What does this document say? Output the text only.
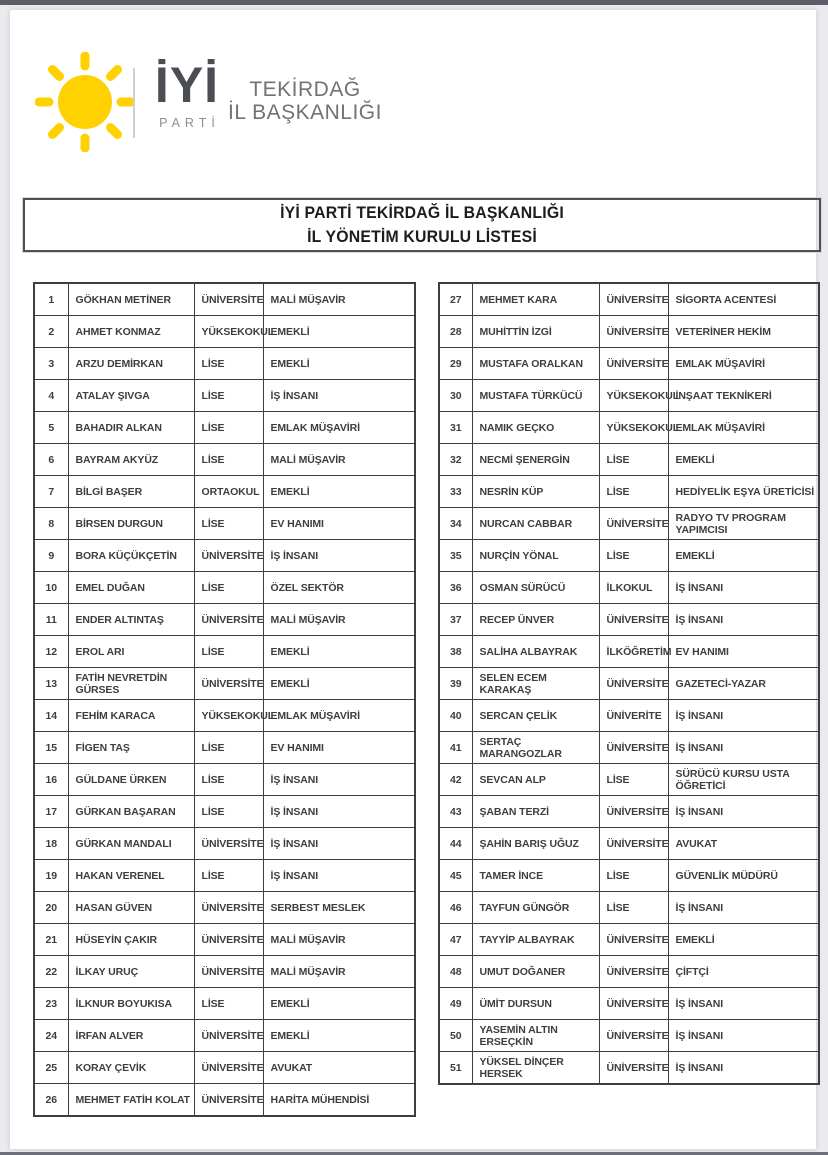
İYİ
PARTİ
TEKİRDAĞ
İL BAŞKANLIĞI
İYİ PARTİ TEKİRDAĞ İL BAŞKANLIĞI
İL YÖNETİM KURULU LİSTESİ
1	GÖKHAN METİNER	ÜNİVERSİTE	MALİ MÜŞAVİR
2	AHMET KONMAZ	YÜKSEKOKUL	EMEKLİ
3	ARZU DEMİRKAN	LİSE	EMEKLİ
4	ATALAY ŞIVGA	LİSE	İŞ İNSANI
5	BAHADIR ALKAN	LİSE	EMLAK MÜŞAVİRİ
6	BAYRAM AKYÜZ	LİSE	MALİ MÜŞAVİR
7	BİLGİ BAŞER	ORTAOKUL	EMEKLİ
8	BİRSEN DURGUN	LİSE	EV HANIMI
9	BORA KÜÇÜKÇETİN	ÜNİVERSİTE	İŞ İNSANI
10	EMEL DUĞAN	LİSE	ÖZEL SEKTÖR
11	ENDER ALTINTAŞ	ÜNİVERSİTE	MALİ MÜŞAVİR
12	EROL ARI	LİSE	EMEKLİ
13	FATİH NEVRETDİN GÜRSES	ÜNİVERSİTE	EMEKLİ
14	FEHİM KARACA	YÜKSEKOKUL	EMLAK MÜŞAVİRİ
15	FİGEN TAŞ	LİSE	EV HANIMI
16	GÜLDANE ÜRKEN	LİSE	İŞ İNSANI
17	GÜRKAN BAŞARAN	LİSE	İŞ İNSANI
18	GÜRKAN MANDALI	ÜNİVERSİTE	İŞ İNSANI
19	HAKAN VERENEL	LİSE	İŞ İNSANI
20	HASAN GÜVEN	ÜNİVERSİTE	SERBEST MESLEK
21	HÜSEYİN ÇAKIR	ÜNİVERSİTE	MALİ MÜŞAVİR
22	İLKAY URUÇ	ÜNİVERSİTE	MALİ MÜŞAVİR
23	İLKNUR BOYUKISA	LİSE	EMEKLİ
24	İRFAN ALVER	ÜNİVERSİTE	EMEKLİ
25	KORAY ÇEVİK	ÜNİVERSİTE	AVUKAT
26	MEHMET FATİH KOLAT	ÜNİVERSİTE	HARİTA MÜHENDİSİ
27	MEHMET KARA	ÜNİVERSİTE	SİGORTA ACENTESİ
28	MUHİTTİN İZGİ	ÜNİVERSİTE	VETERİNER HEKİM
29	MUSTAFA ORALKAN	ÜNİVERSİTE	EMLAK MÜŞAVİRİ
30	MUSTAFA TÜRKÜCÜ	YÜKSEKOKUL	İNŞAAT TEKNİKERİ
31	NAMIK GEÇKO	YÜKSEKOKUL	EMLAK MÜŞAVİRİ
32	NECMİ ŞENERGİN	LİSE	EMEKLİ
33	NESRİN KÜP	LİSE	HEDİYELİK EŞYA ÜRETİCİSİ
34	NURCAN CABBAR	ÜNİVERSİTE	RADYO TV PROGRAM YAPIMCISI
35	NURÇİN YÖNAL	LİSE	EMEKLİ
36	OSMAN SÜRÜCÜ	İLKOKUL	İŞ İNSANI
37	RECEP ÜNVER	ÜNİVERSİTE	İŞ İNSANI
38	SALİHA ALBAYRAK	İLKÖĞRETİM	EV HANIMI
39	SELEN ECEM KARAKAŞ	ÜNİVERSİTE	GAZETECİ-YAZAR
40	SERCAN ÇELİK	ÜNİVERİTE	İŞ İNSANI
41	SERTAÇ MARANGOZLAR	ÜNİVERSİTE	İŞ İNSANI
42	SEVCAN ALP	LİSE	SÜRÜCÜ KURSU USTA ÖĞRETİCİ
43	ŞABAN TERZİ	ÜNİVERSİTE	İŞ İNSANI
44	ŞAHİN BARIŞ UĞUZ	ÜNİVERSİTE	AVUKAT
45	TAMER İNCE	LİSE	GÜVENLİK MÜDÜRÜ
46	TAYFUN GÜNGÖR	LİSE	İŞ İNSANI
47	TAYYİP ALBAYRAK	ÜNİVERSİTE	EMEKLİ
48	UMUT DOĞANER	ÜNİVERSİTE	ÇİFTÇİ
49	ÜMİT DURSUN	ÜNİVERSİTE	İŞ İNSANI
50	YASEMİN ALTIN ERSEÇKİN	ÜNİVERSİTE	İŞ İNSANI
51	YÜKSEL DİNÇER HERSEK	ÜNİVERSİTE	İŞ İNSANI
